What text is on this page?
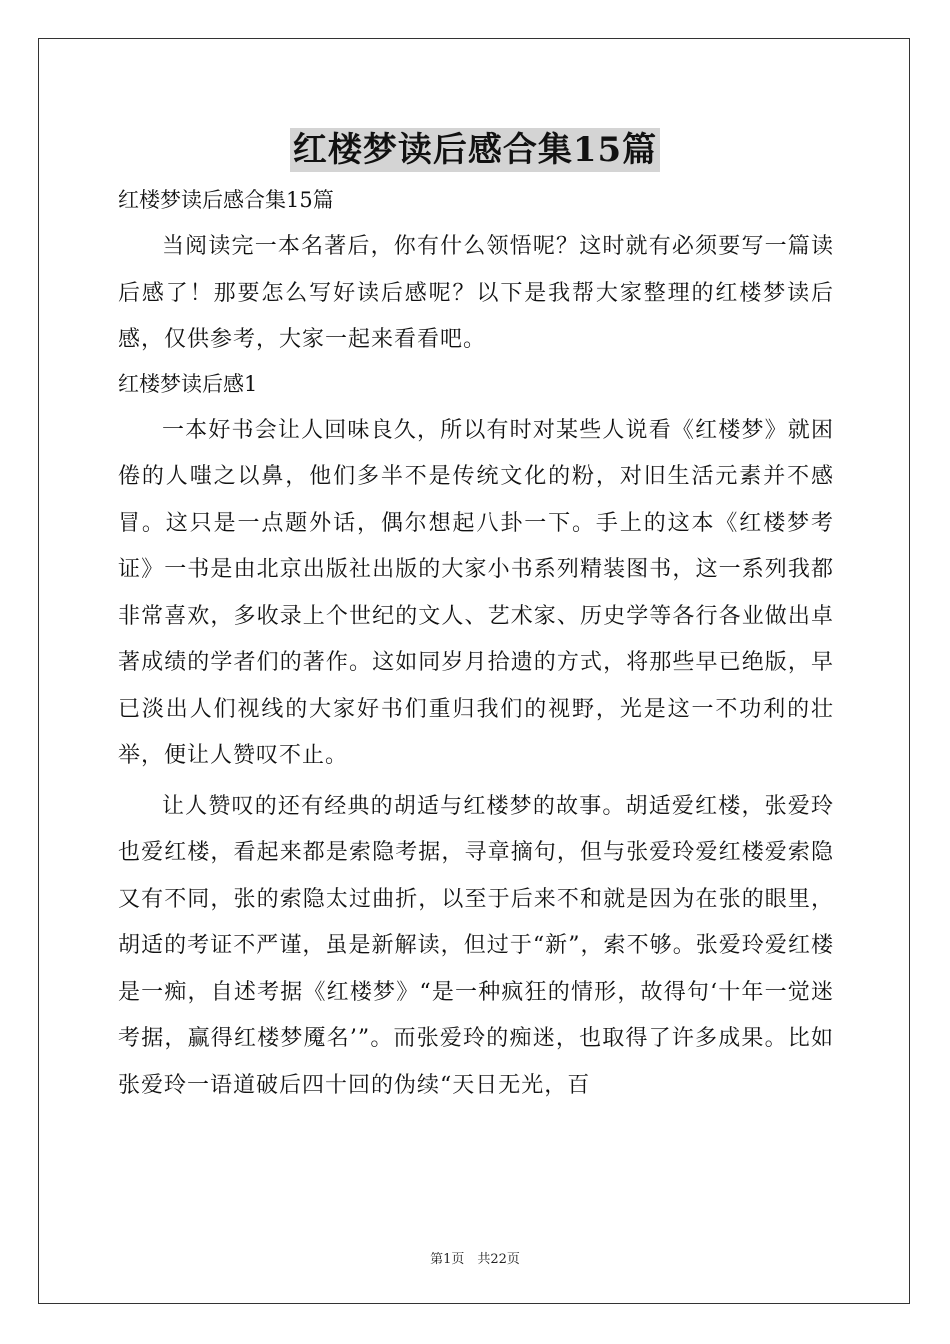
红楼梦读后感合集15篇

红楼梦读后感合集15篇

当阅读完一本名著后，你有什么领悟呢？这时就有必须要写一篇读后感了！那要怎么写好读后感呢？以下是我帮大家整理的红楼梦读后感，仅供参考，大家一起来看看吧。

红楼梦读后感1

一本好书会让人回味良久，所以有时对某些人说看《红楼梦》就困倦的人嗤之以鼻，他们多半不是传统文化的粉，对旧生活元素并不感冒。这只是一点题外话，偶尔想起八卦一下。手上的这本《红楼梦考证》一书是由北京出版社出版的大家小书系列精装图书，这一系列我都非常喜欢，多收录上个世纪的文人、艺术家、历史学等各行各业做出卓著成绩的学者们的著作。这如同岁月拾遗的方式，将那些早已绝版，早已淡出人们视线的大家好书们重归我们的视野，光是这一不功利的壮举，便让人赞叹不止。

让人赞叹的还有经典的胡适与红楼梦的故事。胡适爱红楼，张爱玲也爱红楼，看起来都是索隐考据，寻章摘句，但与张爱玲爱红楼爱索隐又有不同，张的索隐太过曲折，以至于后来不和就是因为在张的眼里，胡适的考证不严谨，虽是新解读，但过于“新”，索不够。张爱玲爱红楼是一痴，自述考据《红楼梦》“是一种疯狂的情形，故得句‘十年一觉迷考据，赢得红楼梦魇名’”。而张爱玲的痴迷，也取得了许多成果。比如张爱玲一语道破后四十回的伪续“天日无光，百

第1页　共22页
